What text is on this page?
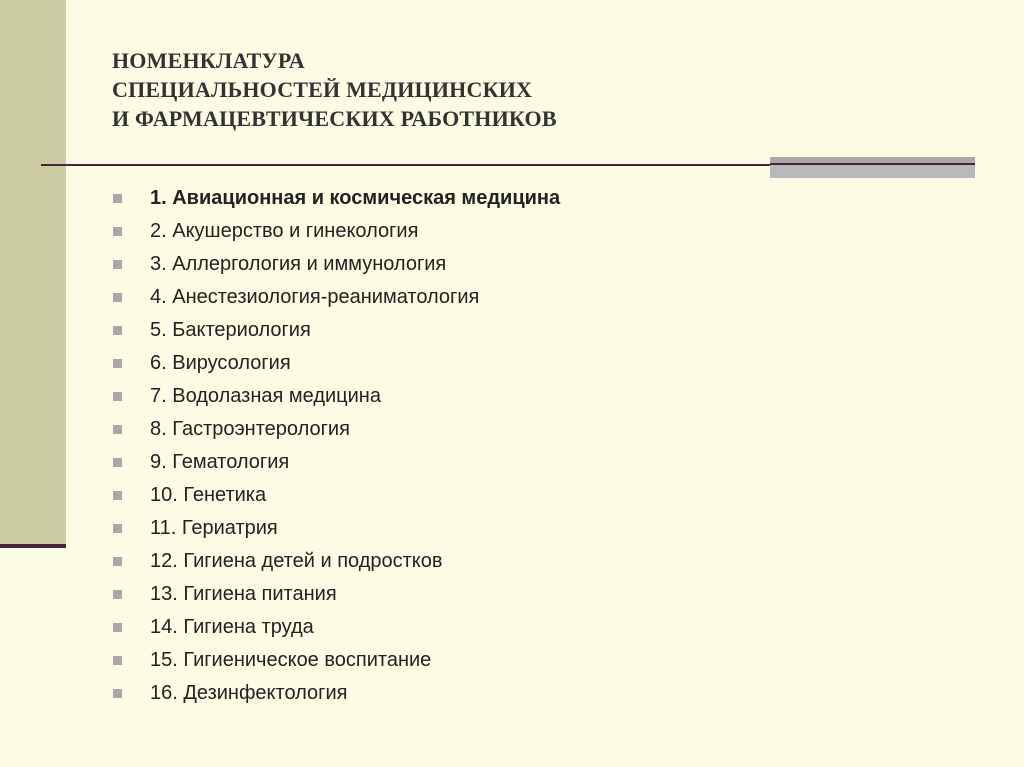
НОМЕНКЛАТУРА
СПЕЦИАЛЬНОСТЕЙ МЕДИЦИНСКИХ
И ФАРМАЦЕВТИЧЕСКИХ РАБОТНИКОВ
1. Авиационная и космическая медицина
2. Акушерство и гинекология
3. Аллергология и иммунология
4. Анестезиология-реаниматология
5. Бактериология
6. Вирусология
7. Водолазная медицина
8. Гастроэнтерология
9. Гематология
10. Генетика
11. Гериатрия
12. Гигиена детей и подростков
13. Гигиена питания
14. Гигиена труда
15. Гигиеническое воспитание
16. Дезинфектология
